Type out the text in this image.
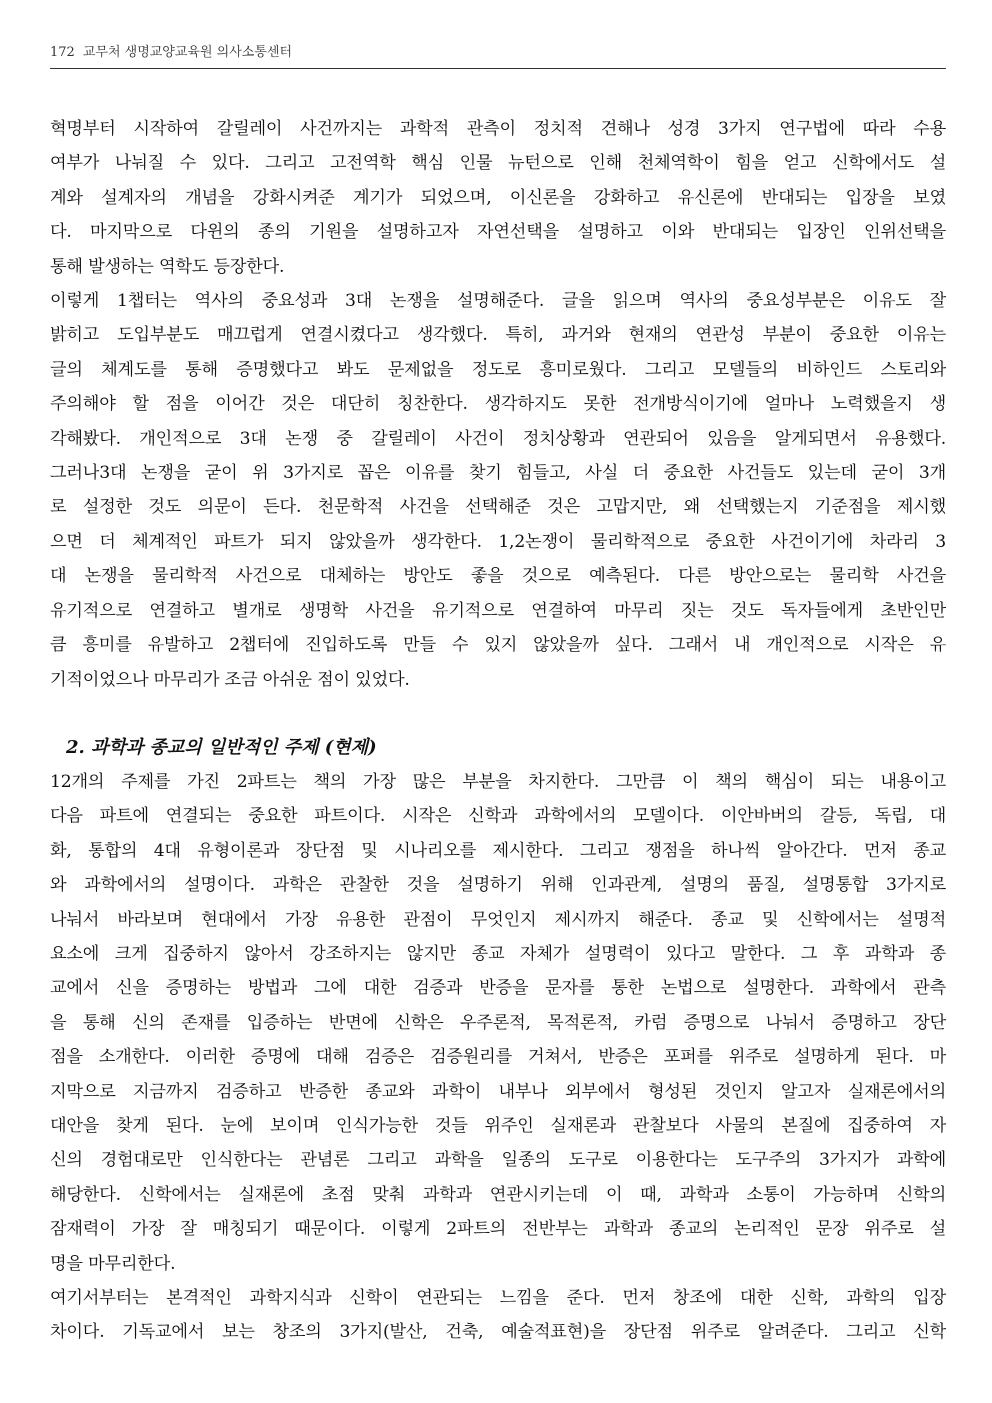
172 교무처 생명교양교육원 의사소통센터

혁명부터 시작하여 갈릴레이 사건까지는 과학적 관측이 정치적 견해나 성경 3가지 연구법에 따라 수용

여부가 나눠질 수 있다. 그리고 고전역학 핵심 인물 뉴턴으로 인해 천체역학이 힘을 얻고 신학에서도 설

계와 설계자의 개념을 강화시켜준 계기가 되었으며, 이신론을 강화하고 유신론에 반대되는 입장을 보였

다. 마지막으로 다윈의 종의 기원을 설명하고자 자연선택을 설명하고 이와 반대되는 입장인 인위선택을

통해 발생하는 역학도 등장한다.

이렇게 1챕터는 역사의 중요성과 3대 논쟁을 설명해준다. 글을 읽으며 역사의 중요성부분은 이유도 잘

밝히고 도입부분도 매끄럽게 연결시켰다고 생각했다. 특히, 과거와 현재의 연관성 부분이 중요한 이유는

글의 체계도를 통해 증명했다고 봐도 문제없을 정도로 흥미로웠다. 그리고 모델들의 비하인드 스토리와

주의해야 할 점을 이어간 것은 대단히 칭찬한다. 생각하지도 못한 전개방식이기에 얼마나 노력했을지 생

각해봤다. 개인적으로 3대 논쟁 중 갈릴레이 사건이 정치상황과 연관되어 있음을 알게되면서 유용했다.

그러나3대 논쟁을 굳이 위 3가지로 꼽은 이유를 찾기 힘들고, 사실 더 중요한 사건들도 있는데 굳이 3개

로 설정한 것도 의문이 든다. 천문학적 사건을 선택해준 것은 고맙지만, 왜 선택했는지 기준점을 제시했

으면 더 체계적인 파트가 되지 않았을까 생각한다. 1,2논쟁이 물리학적으로 중요한 사건이기에 차라리 3

대 논쟁을 물리학적 사건으로 대체하는 방안도 좋을 것으로 예측된다. 다른 방안으로는 물리학 사건을

유기적으로 연결하고 별개로 생명학 사건을 유기적으로 연결하여 마무리 짓는 것도 독자들에게 초반인만

큼 흥미를 유발하고 2챕터에 진입하도록 만들 수 있지 않았을까 싶다. 그래서 내 개인적으로 시작은 유

기적이었으나 마무리가 조금 아쉬운 점이 있었다.

2. 과학과 종교의 일반적인 주제 (현제)

12개의 주제를 가진 2파트는 책의 가장 많은 부분을 차지한다. 그만큼 이 책의 핵심이 되는 내용이고

다음 파트에 연결되는 중요한 파트이다. 시작은 신학과 과학에서의 모델이다. 이안바버의 갈등, 독립, 대

화, 통합의 4대 유형이론과 장단점 및 시나리오를 제시한다. 그리고 쟁점을 하나씩 알아간다. 먼저 종교

와 과학에서의 설명이다. 과학은 관찰한 것을 설명하기 위해 인과관계, 설명의 품질, 설명통합 3가지로

나눠서 바라보며 현대에서 가장 유용한 관점이 무엇인지 제시까지 해준다. 종교 및 신학에서는 설명적

요소에 크게 집중하지 않아서 강조하지는 않지만 종교 자체가 설명력이 있다고 말한다. 그 후 과학과 종

교에서 신을 증명하는 방법과 그에 대한 검증과 반증을 문자를 통한 논법으로 설명한다. 과학에서 관측

을 통해 신의 존재를 입증하는 반면에 신학은 우주론적, 목적론적, 카럼 증명으로 나눠서 증명하고 장단

점을 소개한다. 이러한 증명에 대해 검증은 검증원리를 거쳐서, 반증은 포퍼를 위주로 설명하게 된다. 마

지막으로 지금까지 검증하고 반증한 종교와 과학이 내부나 외부에서 형성된 것인지 알고자 실재론에서의

대안을 찾게 된다. 눈에 보이며 인식가능한 것들 위주인 실재론과 관찰보다 사물의 본질에 집중하여 자

신의 경험대로만 인식한다는 관념론 그리고 과학을 일종의 도구로 이용한다는 도구주의 3가지가 과학에

해당한다. 신학에서는 실재론에 초점 맞춰 과학과 연관시키는데 이 때, 과학과 소통이 가능하며 신학의

잠재력이 가장 잘 매칭되기 때문이다. 이렇게 2파트의 전반부는 과학과 종교의 논리적인 문장 위주로 설

명을 마무리한다.

여기서부터는 본격적인 과학지식과 신학이 연관되는 느낌을 준다. 먼저 창조에 대한 신학, 과학의 입장

차이다. 기독교에서 보는 창조의 3가지(발산, 건축, 예술적표현)을 장단점 위주로 알려준다. 그리고 신학
